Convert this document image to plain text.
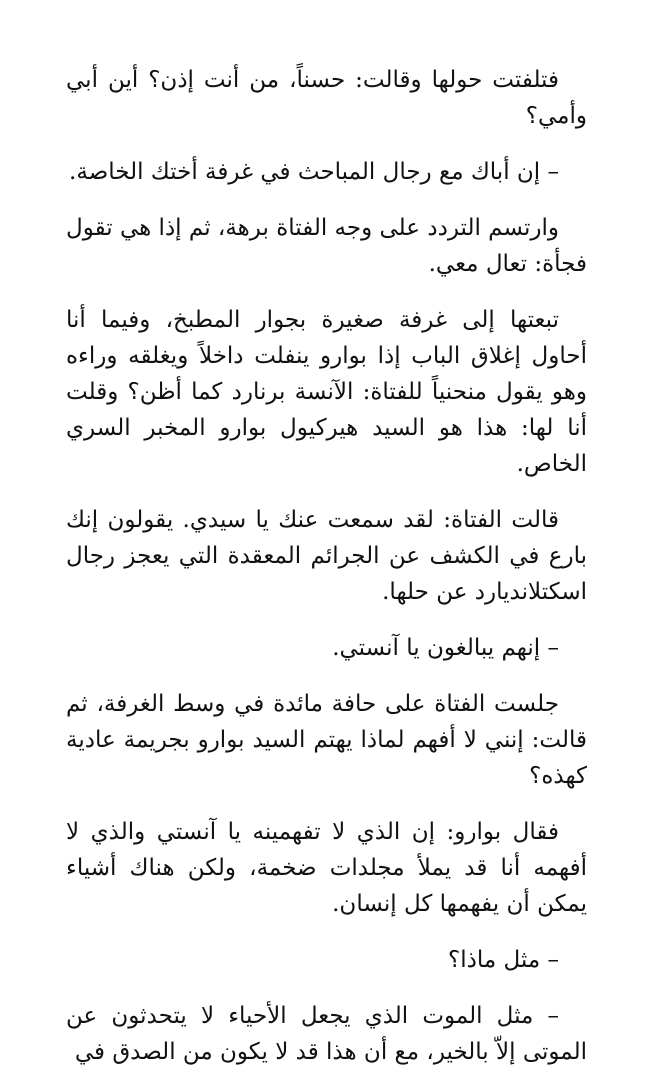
فتلفتت حولها وقالت: حسناً، من أنت إذن؟ أين أبي وأمي؟

– إن أباك مع رجال المباحث في غرفة أختك الخاصة.

وارتسم التردد على وجه الفتاة برهة، ثم إذا هي تقول فجأة: تعال معي.

تبعتها إلى غرفة صغيرة بجوار المطبخ، وفيما أنا أحاول إغلاق الباب إذا بوارو ينفلت داخلاً ويغلقه وراءه وهو يقول منحنياً للفتاة: الآنسة برنارد كما أظن؟ وقلت أنا لها: هذا هو السيد هيركيول بوارو المخبر السري الخاص.

قالت الفتاة: لقد سمعت عنك يا سيدي. يقولون إنك بارع في الكشف عن الجرائم المعقدة التي يعجز رجال اسكتلانديارد عن حلها.

– إنهم يبالغون يا آنستي.

جلست الفتاة على حافة مائدة في وسط الغرفة، ثم قالت: إنني لا أفهم لماذا يهتم السيد بوارو بجريمة عادية كهذه؟

فقال بوارو: إن الذي لا تفهمينه يا آنستي والذي لا أفهمه أنا قد يملأ مجلدات ضخمة، ولكن هناك أشياء يمكن أن يفهمها كل إنسان.

– مثل ماذا؟

– مثل الموت الذي يجعل الأحياء لا يتحدثون عن الموتى إلاّ بالخير، مع أن هذا قد لا يكون من الصدق في
